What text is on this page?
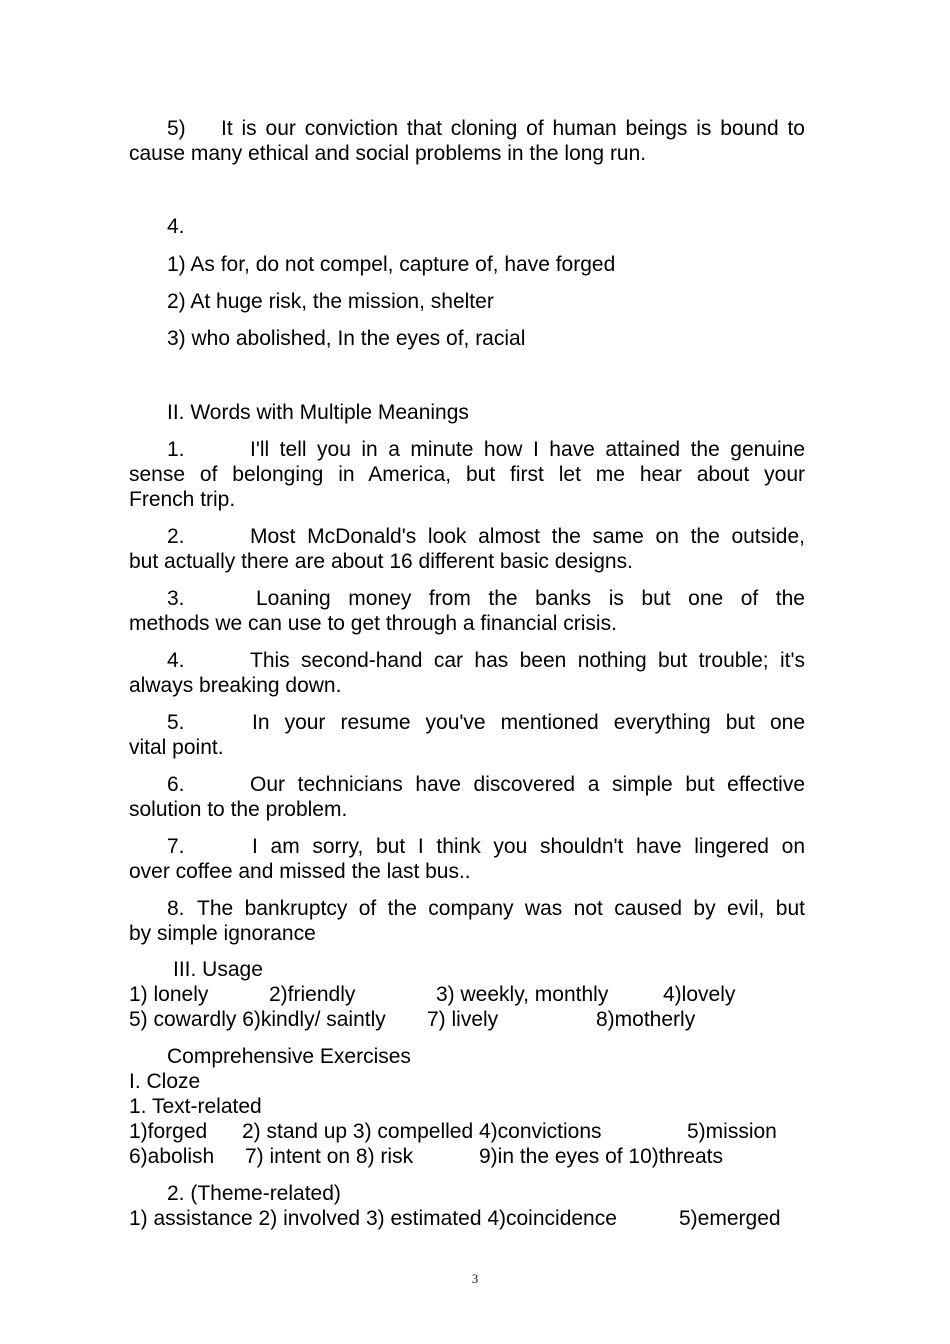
5) It is our conviction that cloning of human beings is bound to
cause many ethical and social problems in the long run.
4.
1) As for, do not compel, capture of, have forged
2) At huge risk, the mission, shelter
3) who abolished, In the eyes of, racial
II. Words with Multiple Meanings
1.	I'll tell you in a minute how I have attained the genuine
sense of belonging in America, but first let me hear about your
French trip.
2.	Most McDonald's look almost the same on the outside,
but actually there are about 16 different basic designs.
3.	Loaning money from the banks is but one of the
methods we can use to get through a financial crisis.
4.	This second-hand car has been nothing but trouble; it's
always breaking down.
5.	In your resume you've mentioned everything but one
vital point.
6.	Our technicians have discovered a simple but effective
solution to the problem.
7.	I am sorry, but I think you shouldn't have lingered on
over coffee and missed the last bus..
8. The bankruptcy of the company was not caused by evil, but
by simple ignorance
III. Usage
1) lonely	2)friendly	3) weekly, monthly	4)lovely
5) cowardly 6)kindly/ saintly 7) lively	8)motherly
Comprehensive Exercises
I. Cloze
1. Text-related
1)forged 2) stand up 3) compelled 4)convictions	5)mission
6)abolish 7) intent on 8) risk	9)in the eyes of 10)threats
2. (Theme-related)
1) assistance 2) involved 3) estimated 4)coincidence	5)emerged
3
